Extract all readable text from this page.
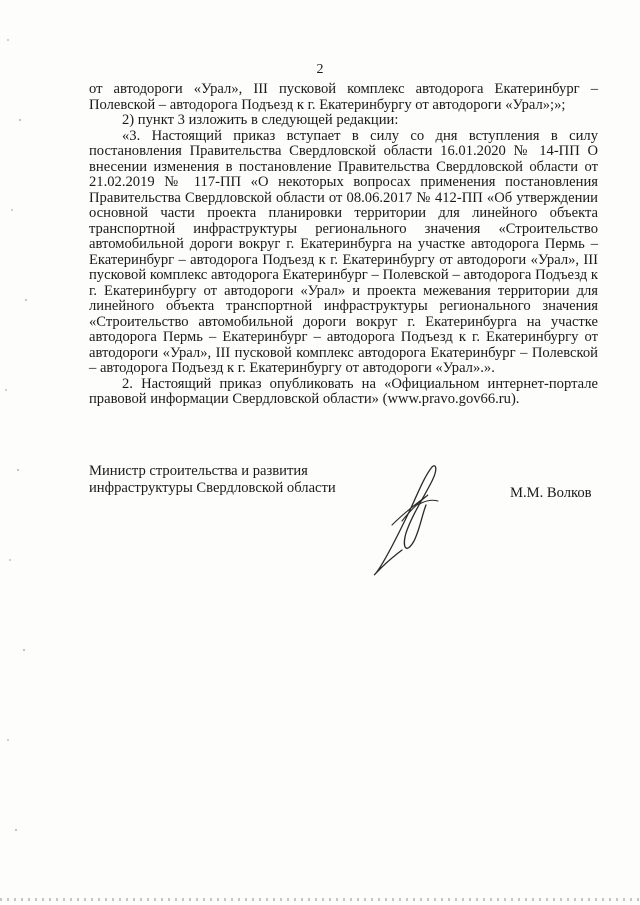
2

от автодороги «Урал», III пусковой комплекс автодорога Екатеринбург – Полевской – автодорога Подъезд к г. Екатеринбургу от автодороги «Урал»;»;

2) пункт 3 изложить в следующей редакции:

«3. Настоящий приказ вступает в силу со дня вступления в силу постановления Правительства Свердловской области 16.01.2020 № 14-ПП О внесении изменения в постановление Правительства Свердловской области от 21.02.2019 № 117-ПП «О некоторых вопросах применения постановления Правительства Свердловской области от 08.06.2017 № 412-ПП «Об утверждении основной части проекта планировки территории для линейного объекта транспортной инфраструктуры регионального значения «Строительство автомобильной дороги вокруг г. Екатеринбурга на участке автодорога Пермь – Екатеринбург – автодорога Подъезд к г. Екатеринбургу от автодороги «Урал», III пусковой комплекс автодорога Екатеринбург – Полевской – автодорога Подъезд к г. Екатеринбургу от автодороги «Урал» и проекта межевания территории для линейного объекта транспортной инфраструктуры регионального значения «Строительство автомобильной дороги вокруг г. Екатеринбурга на участке автодорога Пермь – Екатеринбург – автодорога Подъезд к г. Екатеринбургу от автодороги «Урал», III пусковой комплекс автодорога Екатеринбург – Полевской – автодорога Подъезд к г. Екатеринбургу от автодороги «Урал».».

2. Настоящий приказ опубликовать на «Официальном интернет-портале правовой информации Свердловской области» (www.pravo.gov66.ru).

Министр строительства и развития
инфраструктуры Свердловской области	М.М. Волков
